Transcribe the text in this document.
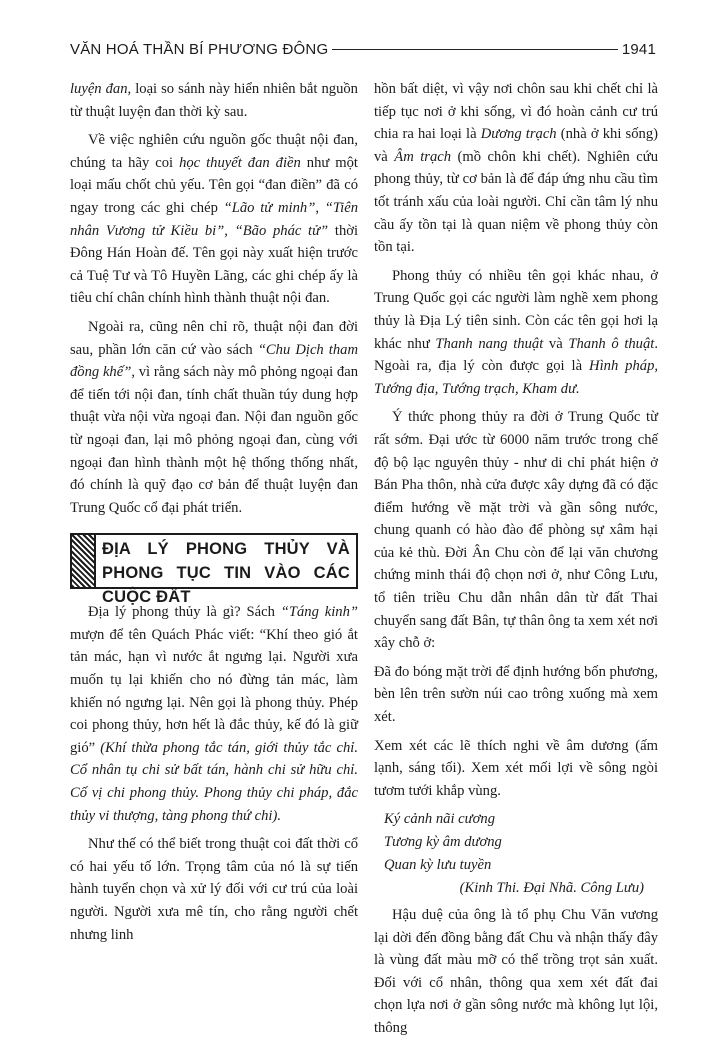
VĂN HOÁ THẦN BÍ PHƯƠNG ĐÔNG	1941

luyện đan, loại so sánh này hiển nhiên bắt nguồn từ thuật luyện đan thời kỳ sau.

Về việc nghiên cứu nguồn gốc thuật nội đan, chúng ta hãy coi học thuyết đan điền như một loại mấu chốt chủ yếu. Tên gọi “đan điền” đã có ngay trong các ghi chép “Lão tử minh”, “Tiên nhân Vương tử Kiều bi”, “Bão phác tử” thời Đông Hán Hoàn đế. Tên gọi này xuất hiện trước cả Tuệ Tư và Tô Huyền Lãng, các ghi chép ấy là tiêu chí chân chính hình thành thuật nội đan.

Ngoài ra, cũng nên chỉ rõ, thuật nội đan đời sau, phần lớn căn cứ vào sách “Chu Dịch tham đồng khế”, vì rằng sách này mô phỏng ngoại đan để tiến tới nội đan, tính chất thuần túy dung hợp thuật vừa nội vừa ngoại đan. Nội đan nguồn gốc từ ngoại đan, lại mô phỏng ngoại đan, cùng với ngoại đan hình thành một hệ thống thống nhất, đó chính là quỹ đạo cơ bản để thuật luyện đan Trung Quốc cổ đại phát triển.

ĐỊA LÝ PHONG THỦY VÀ PHONG TỤC TIN VÀO CÁC CUỘC ĐẤT

Địa lý phong thủy là gì? Sách “Táng kinh” mượn để tên Quách Phác viết: “Khí theo gió ắt tản mác, hạn vì nước ắt ngưng lại. Người xưa muốn tụ lại khiến cho nó đừng tản mác, làm khiến nó ngưng lại. Nên gọi là phong thủy. Phép coi phong thủy, hơn hết là đắc thủy, kế đó là giữ gió” (Khí thừa phong tắc tán, giới thủy tắc chỉ. Cổ nhân tụ chi sử bất tán, hành chi sử hữu chỉ. Cố vị chi phong thủy. Phong thủy chi pháp, đắc thủy vi thượng, tàng phong thứ chi).

Như thế có thể biết trong thuật coi đất thời cổ có hai yếu tố lớn. Trọng tâm của nó là sự tiến hành tuyển chọn và xử lý đối với cư trú của loài người. Người xưa mê tín, cho rằng người chết nhưng linh

hồn bất diệt, vì vậy nơi chôn sau khi chết chỉ là tiếp tục nơi ở khi sống, vì đó hoàn cảnh cư trú chia ra hai loại là Dương trạch (nhà ở khi sống) và Âm trạch (mồ chôn khi chết). Nghiên cứu phong thủy, từ cơ bản là để đáp ứng nhu cầu tìm tốt tránh xấu của loài người. Chỉ cần tâm lý nhu cầu ấy tồn tại là quan niệm về phong thủy còn tồn tại.

Phong thủy có nhiều tên gọi khác nhau, ở Trung Quốc gọi các người làm nghề xem phong thủy là Địa Lý tiên sinh. Còn các tên gọi hơi lạ khác như Thanh nang thuật và Thanh ô thuật. Ngoài ra, địa lý còn được gọi là Hình pháp, Tướng địa, Tướng trạch, Kham dư.

Ý thức phong thủy ra đời ở Trung Quốc từ rất sớm. Đại ước từ 6000 năm trước trong chế độ bộ lạc nguyên thủy - như di chỉ phát hiện ở Bán Pha thôn, nhà cửa được xây dựng đã có đặc điểm hướng về mặt trời và gần sông nước, chung quanh có hào đào để phòng sự xâm hại của kẻ thù. Đời Ân Chu còn để lại văn chương chứng minh thái độ chọn nơi ở, như Công Lưu, tổ tiên triều Chu dẫn nhân dân từ đất Thai chuyển sang đất Bân, tự thân ông ta xem xét nơi xây chỗ ở:

Đã đo bóng mặt trời để định hướng bốn phương, bèn lên trên sườn núi cao trông xuống mà xem xét.

Xem xét các lẽ thích nghi về âm dương (ấm lạnh, sáng tối). Xem xét mối lợi về sông ngòi tươm tưới khắp vùng.

Ký cảnh nãi cương
Tương kỳ âm dương
Quan kỳ lưu tuyền
(Kinh Thi. Đại Nhã. Công Lưu)

Hậu duệ của ông là tổ phụ Chu Văn vương lại dời đến đồng bằng đất Chu và nhận thấy đây là vùng đất màu mỡ có thể trồng trọt sản xuất. Đối với cổ nhân, thông qua xem xét đất đai chọn lựa nơi ở gần sông nước mà không lụt lội, thông
